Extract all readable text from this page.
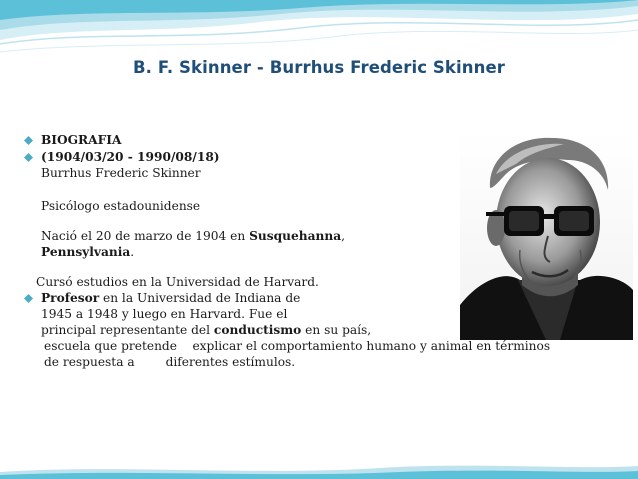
B. F. Skinner - Burrhus Frederic Skinner
BIOGRAFIA
(1904/03/20 - 1990/08/18)
Burrhus Frederic Skinner
Psicólogo estadounidense
Nació el 20 de marzo de 1904 en Susquehanna,
Pennsylvania.
Cursó estudios en la Universidad de Harvard.
Profesor en la Universidad de Indiana de
1945 a 1948 y luego en Harvard. Fue el
principal representante del conductismo en su país,
escuela que pretende    explicar el comportamiento humano y animal en términos
de respuesta a        diferentes estímulos.
